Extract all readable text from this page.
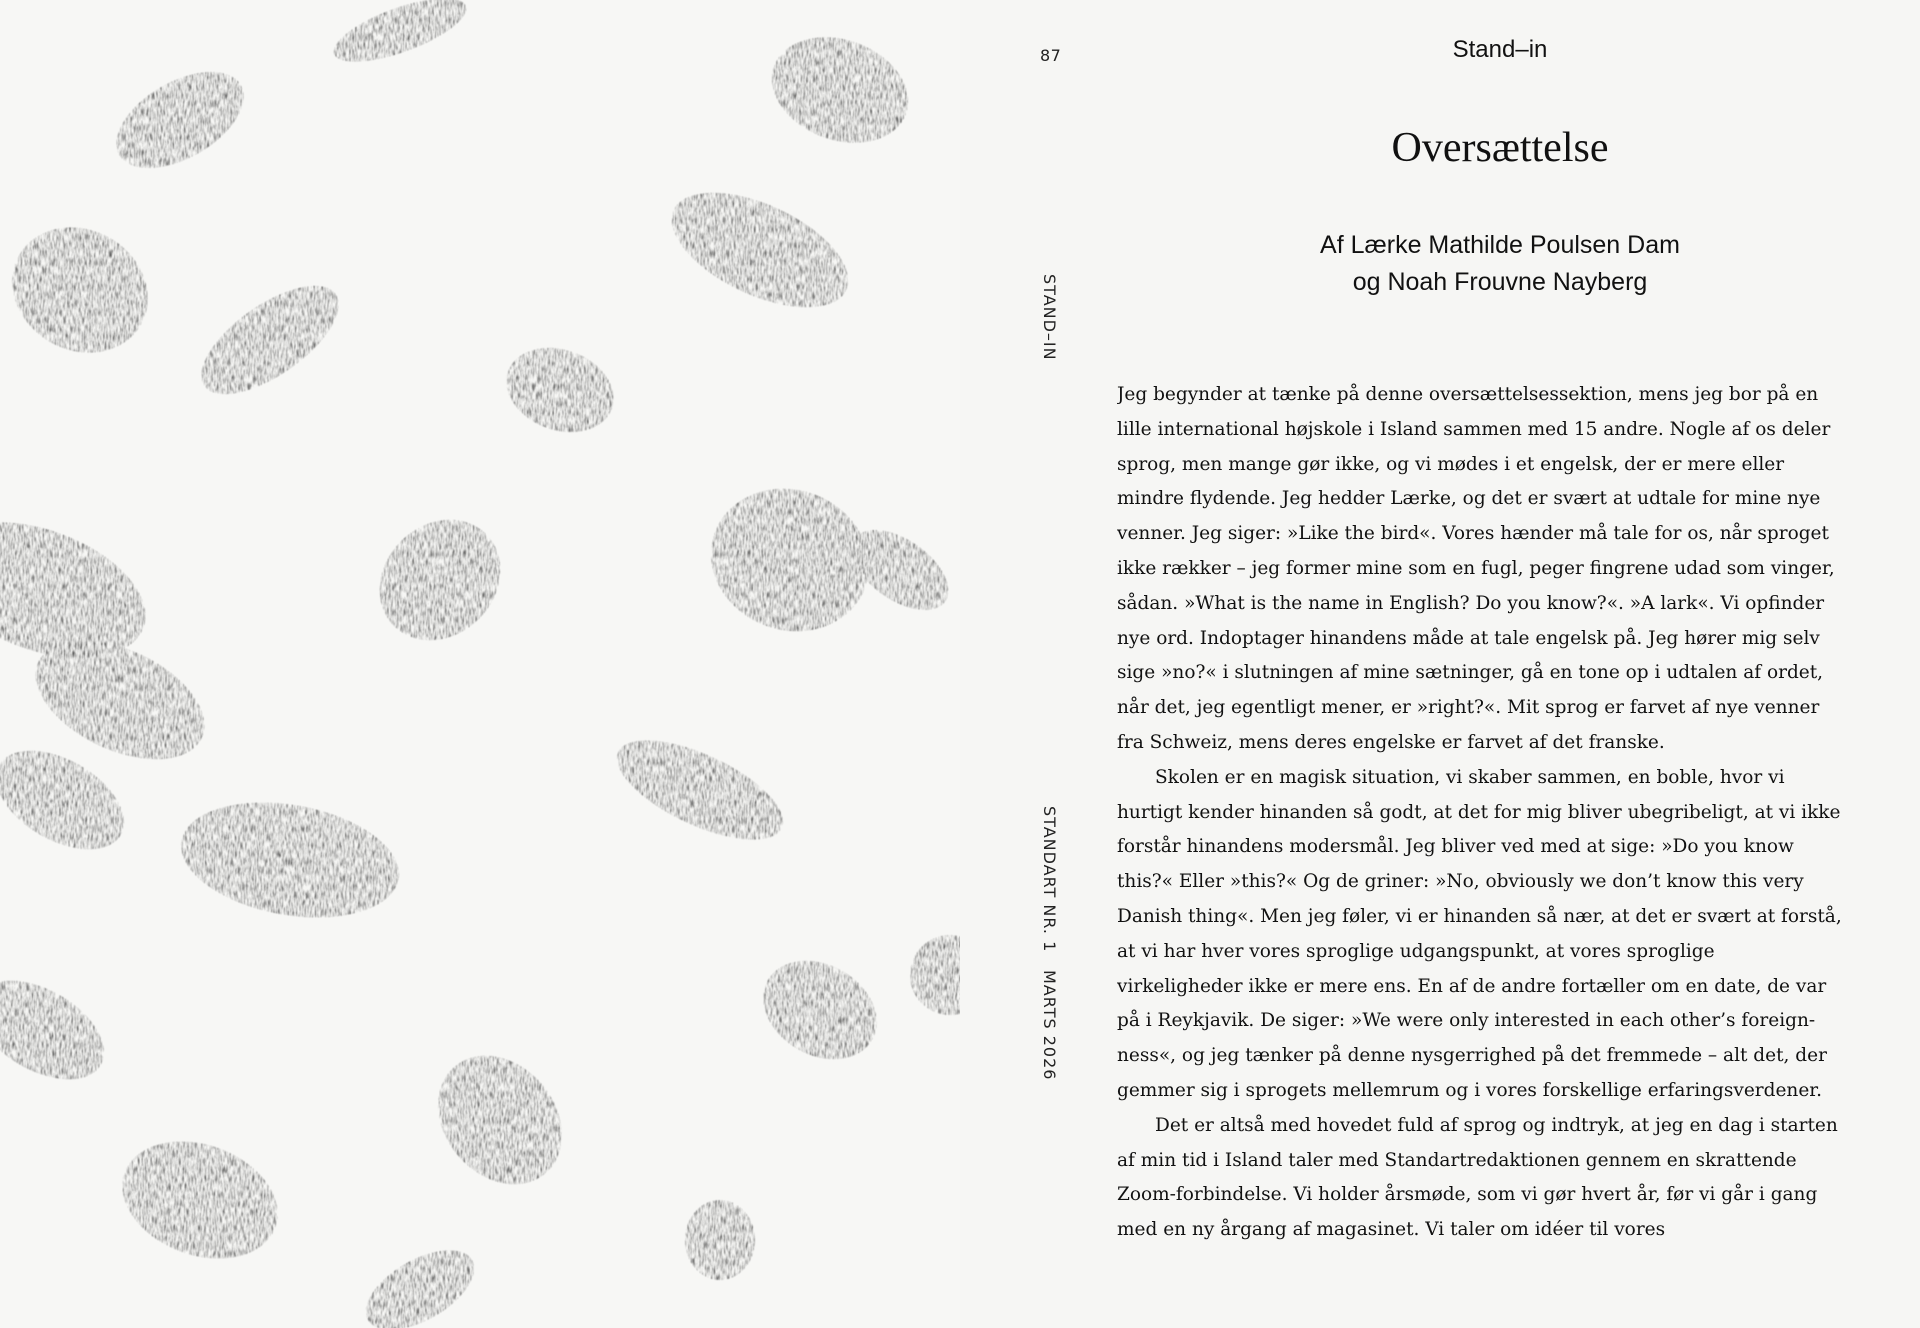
87	Stand–in
STAND–IN
STANDART NR. 1
MARTS 2026
Oversættelse
Af Lærke Mathilde Poulsen Dam
og Noah Frouvne Nayberg

Jeg begynder at tænke på denne oversættelsessektion, mens jeg bor på en lille international højskole i Island sammen med 15 andre. Nogle af os deler sprog, men mange gør ikke, og vi mødes i et engelsk, der er mere eller mindre flydende. Jeg hedder Lærke, og det er svært at udtale for mine nye venner. Jeg siger: »Like the bird«. Vores hænder må tale for os, når sproget ikke rækker – jeg former mine som en fugl, peger fingrene udad som vinger, sådan. »What is the name in English? Do you know?«. »A lark«. Vi opfinder nye ord. Indoptager hinandens måde at tale engelsk på. Jeg hører mig selv sige »no?« i slutningen af mine sætninger, gå en tone op i udtalen af ordet, når det, jeg egentligt mener, er »right?«. Mit sprog er farvet af nye venner fra Schweiz, mens deres engelske er farvet af det franske.

Skolen er en magisk situation, vi skaber sammen, en boble, hvor vi hurtigt kender hinanden så godt, at det for mig bliver ubegribeligt, at vi ikke forstår hinandens modersmål. Jeg bliver ved med at sige: »Do you know this?« Eller »this?« Og de griner: »No, obviously we don’t know this very Danish thing«. Men jeg føler, vi er hinanden så nær, at det er svært at forstå, at vi har hver vores sproglige udgangspunkt, at vores sproglige virkeligheder ikke er mere ens. En af de andre fortæller om en date, de var på i Reykjavik. De siger: »We were only interested in each other’s foreignness«, og jeg tænker på denne nysgerrighed på det fremmede – alt det, der gemmer sig i sprogets mellemrum og i vores forskellige erfaringsverdener.

Det er altså med hovedet fuld af sprog og indtryk, at jeg en dag i starten af min tid i Island taler med Standartredaktionen gennem en skrattende Zoom-forbindelse. Vi holder årsmøde, som vi gør hvert år, før vi går i gang med en ny årgang af magasinet. Vi taler om idéer til vores
